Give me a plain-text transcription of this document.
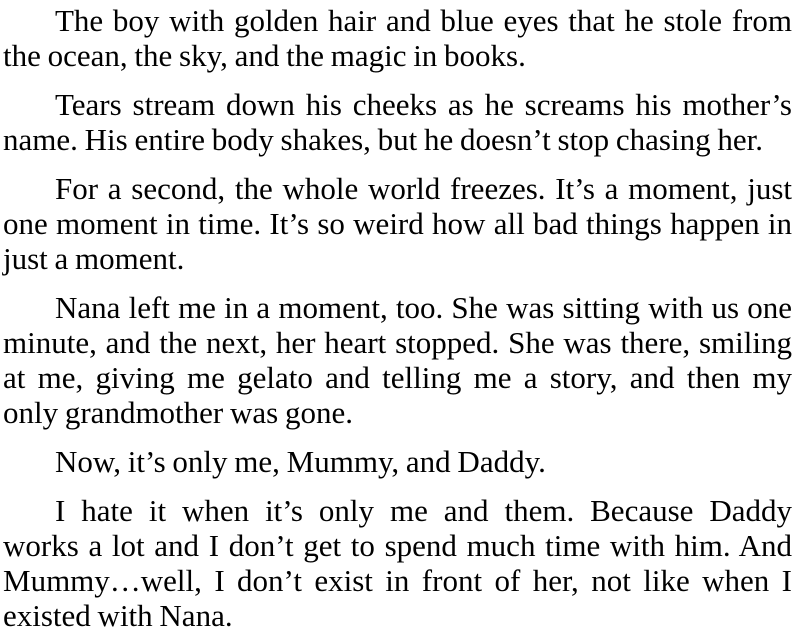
The boy with golden hair and blue eyes that he stole from
the ocean, the sky, and the magic in books.
Tears stream down his cheeks as he screams his mother’s
name. His entire body shakes, but he doesn’t stop chasing her.
For a second, the whole world freezes. It’s a moment, just
one moment in time. It’s so weird how all bad things happen in
just a moment.
Nana left me in a moment, too. She was sitting with us one
minute, and the next, her heart stopped. She was there, smiling
at me, giving me gelato and telling me a story, and then my
only grandmother was gone.
Now, it’s only me, Mummy, and Daddy.
I hate it when it’s only me and them. Because Daddy
works a lot and I don’t get to spend much time with him. And
Mummy…well, I don’t exist in front of her, not like when I
existed with Nana.
